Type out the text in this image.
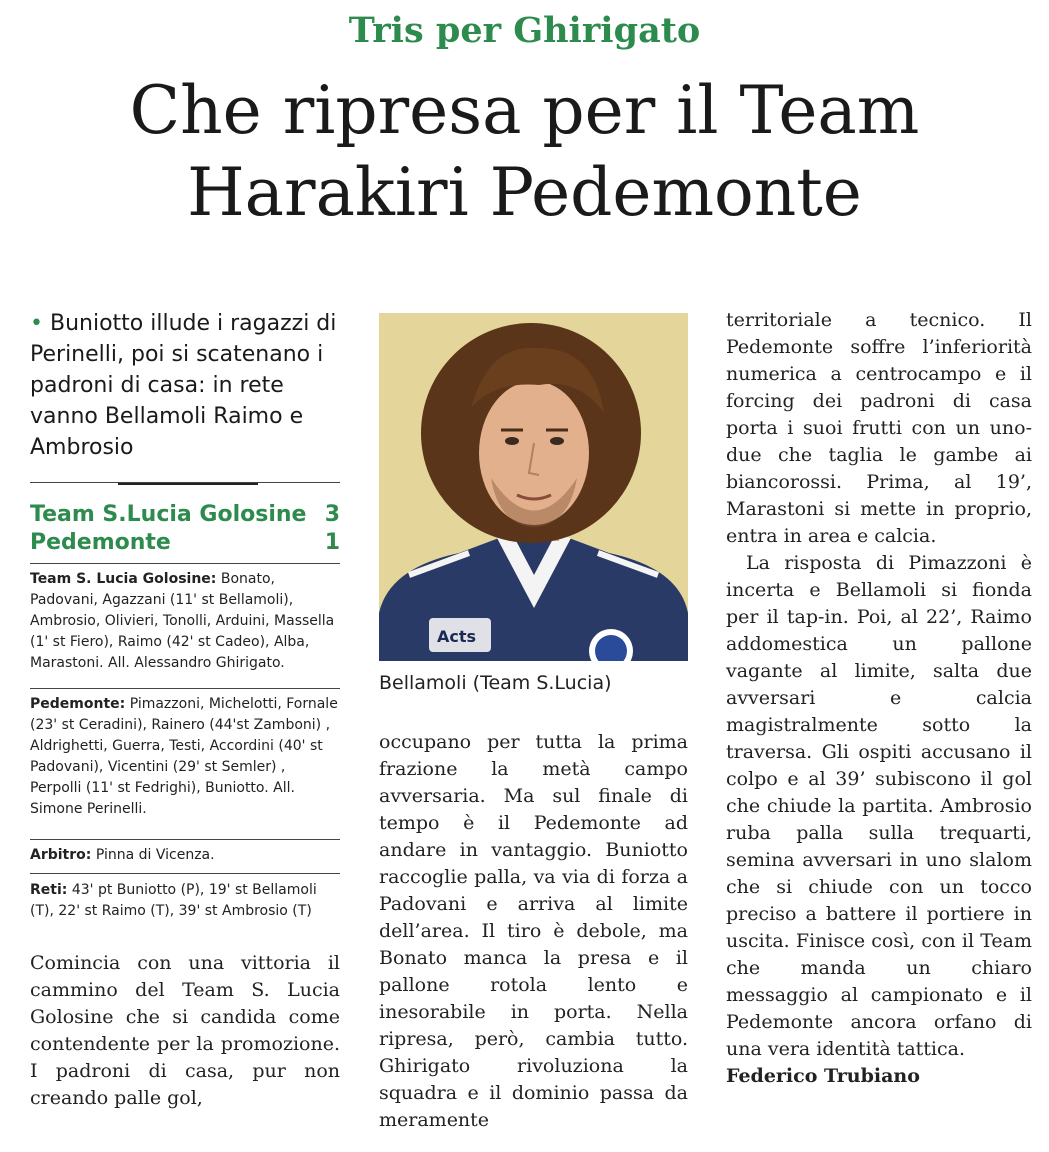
Tris per Ghirigato
Che ripresa per il Team
Harakiri Pedemonte
• Buniotto illude i ragazzi di Perinelli, poi si scatenano i padroni di casa: in rete vanno Bellamoli Raimo e Ambrosio
Team S.Lucia Golosine 3
Pedemonte	1
Team S. Lucia Golosine: Bonato, Padovani, Agazzani (11' st Bellamoli), Ambrosio, Olivieri, Tonolli, Arduini, Massella (1' st Fiero), Raimo (42' st Cadeo), Alba, Marastoni. All. Alessandro Ghirigato.
Pedemonte: Pimazzoni, Michelotti, Fornale (23' st Ceradini), Rainero (44'st Zamboni) , Aldrighetti, Guerra, Testi, Accordini (40' st Padovani), Vicentini (29' st Semler) , Perpolli (11' st Fedrighi), Buniotto. All. Simone Perinelli.
Arbitro: Pinna di Vicenza.
Reti: 43' pt Buniotto (P), 19' st Bellamoli (T), 22' st Raimo (T), 39' st Ambrosio (T)
Comincia con una vittoria il cammino del Team S. Lucia Golosine che si candida come contendente per la promozione. I padroni di casa, pur non creando palle gol,
Acts
Bellamoli (Team S.Lucia)
occupano per tutta la prima frazione la metà campo avversaria. Ma sul finale di tempo è il Pedemonte ad andare in vantaggio. Buniotto raccoglie palla, va via di forza a Padovani e arriva al limite dell’area. Il tiro è debole, ma Bonato manca la presa e il pallone rotola lento e inesorabile in porta. Nella ripresa, però, cambia tutto. Ghirigato rivoluziona la squadra e il dominio passa da meramente
territoriale a tecnico. Il Pedemonte soffre l’inferiorità numerica a centrocampo e il forcing dei padroni di casa porta i suoi frutti con un uno-due che taglia le gambe ai biancorossi. Prima, al 19’, Marastoni si mette in proprio, entra in area e calcia.
La risposta di Pimazzoni è incerta e Bellamoli si fionda per il tap-in. Poi, al 22’, Raimo addomestica un pallone vagante al limite, salta due avversari e calcia magistralmente sotto la traversa. Gli ospiti accusano il colpo e al 39’ subiscono il gol che chiude la partita. Ambrosio ruba palla sulla trequarti, semina avversari in uno slalom che si chiude con un tocco preciso a battere il portiere in uscita. Finisce così, con il Team che manda un chiaro messaggio al campionato e il Pedemonte ancora orfano di una vera identità tattica.
Federico Trubiano
